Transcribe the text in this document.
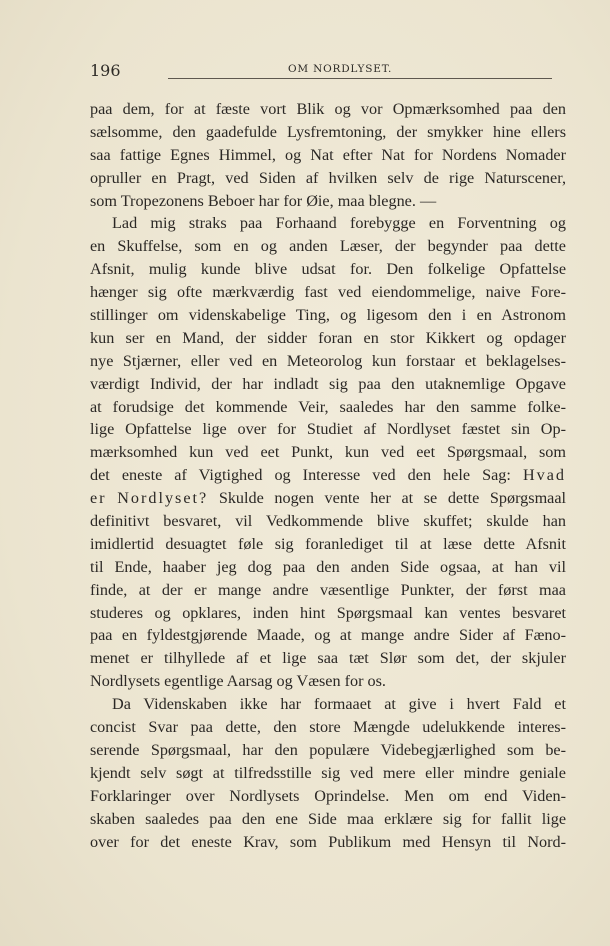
196	OM NORDLYSET.
paa dem, for at fæste vort Blik og vor Opmærksomhed paa den
sælsomme, den gaadefulde Lysfremtoning, der smykker hine ellers
saa fattige Egnes Himmel, og Nat efter Nat for Nordens Nomader
opruller en Pragt, ved Siden af hvilken selv de rige Naturscener,
som Tropezonens Beboer har for Øie, maa blegne. —
Lad mig straks paa Forhaand forebygge en Forventning og
en Skuffelse, som en og anden Læser, der begynder paa dette
Afsnit, mulig kunde blive udsat for. Den folkelige Opfattelse
hænger sig ofte mærkværdig fast ved eiendommelige, naive Fore-
stillinger om videnskabelige Ting, og ligesom den i en Astronom
kun ser en Mand, der sidder foran en stor Kikkert og opdager
nye Stjærner, eller ved en Meteorolog kun forstaar et beklagelses-
værdigt Individ, der har indladt sig paa den utaknemlige Opgave
at forudsige det kommende Veir, saaledes har den samme folke-
lige Opfattelse lige over for Studiet af Nordlyset fæstet sin Op-
mærksomhed kun ved eet Punkt, kun ved eet Spørgsmaal, som
det eneste af Vigtighed og Interesse ved den hele Sag: Hvad
er Nordlyset? Skulde nogen vente her at se dette Spørgsmaal
definitivt besvaret, vil Vedkommende blive skuffet; skulde han
imidlertid desuagtet føle sig foranlediget til at læse dette Afsnit
til Ende, haaber jeg dog paa den anden Side ogsaa, at han vil
finde, at der er mange andre væsentlige Punkter, der først maa
studeres og opklares, inden hint Spørgsmaal kan ventes besvaret
paa en fyldestgjørende Maade, og at mange andre Sider af Fæno-
menet er tilhyllede af et lige saa tæt Slør som det, der skjuler
Nordlysets egentlige Aarsag og Væsen for os.
Da Videnskaben ikke har formaaet at give i hvert Fald et
concist Svar paa dette, den store Mængde udelukkende interes-
serende Spørgsmaal, har den populære Videbegjærlighed som be-
kjendt selv søgt at tilfredsstille sig ved mere eller mindre geniale
Forklaringer over Nordlysets Oprindelse. Men om end Viden-
skaben saaledes paa den ene Side maa erklære sig for fallit lige
over for det eneste Krav, som Publikum med Hensyn til Nord-
